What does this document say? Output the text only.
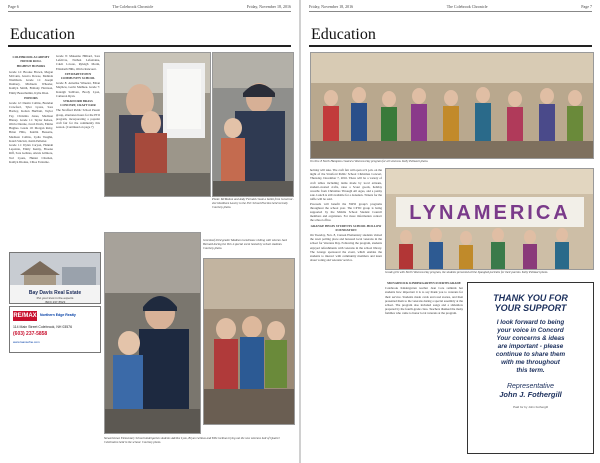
Page 6	The Colebrook Chronicle	Friday, November 18, 2016
Education
COLEBROOK ACADEMY HONOR ROLL
HIGHEST HONORS
Grade 12: Brooke Brown, Megan McCann, Jessica Dowse, Melinda Washburn. Grade 11: Joseph Dunbery, Michaela Wheeler, Kaitlyn Smith, Brittany Harrison, Emily Beauchemin, Kylie Dion.
HONORS
Grade 12: Dustin Collins, Brendan Crawford, Tyler Lyons, Sara Hartley, Kolton Hurlbutt, Taylor Fay, Christina Jones, Madison Blaney. Grade 11: Taylor Kelsea, Olivia Dionne, Jacob Davis, Emma Hughes. Grade 10: Morgan Roby, Brian Hilts, Kaitlin Bessette, Madison Collins, Lydia Vaughn, Kaleb Sinclair, Justin Pelletier.
Grade 11: Dylan Caryon, Hannah Lapointe, Emily Kenny, Brooke Riff, Sara Gelinas, Alexis Gilmore, Tori Lyons, Hunter Chretien, Kaitlyn Dionne, Chloe Fontaine.
Grade 8: Makenna Hilliard, Sara Lefebvre, Nathan Lafontaine, Caleb Lavoie, Ryleigh Morin, Elizabeth Hills, Olivia Rancourt.
STEWARTSTOWN COMMUNITY SCHOOL
Grade 8: Annalise Wheeler, Ethan Mayhew, Gavin Mathieu. Grade 7: Kaleigh Sullivan, Brody Lyon, Cameron Ryan.
STRAFFORD BRASS CONCERT, CRAFT FAIR
The Strafford Public School Parent group, alternates hours for the PTO program, incorporating a popular craft fair for the community this season. (Continued on page 7)
Photo: McMahon and Andy Fernald create a ballot from Governor-elect Kathleen Lawtry to the SSC School Election held recently. Courtesy photo.
Bay Davis Real Estate
Put your trust in the experts
(603) 237-5523
RE/MAX Northern Edge Realty
114 Main Street Colebrook, NH 03576
(603) 237-5858
www.loansofne.com
Greenleaf third grader Madison Gendreaux visiting with veteran Jack Bernard during the Vets 4 special event hosted by school students. Courtesy photo.
Stewartstown Elementary School kindergarten students Adeline Lyon, Bryan Gelinas and Ellie Gelinas trying out the new veterans hall of Quarter Celebration held in the school. Courtesy photo.
Friday, November 18, 2016	The Colebrook Chronicle	Page 7
Education
On Nov. 8 North Hampton created a Veterans Day program for all veterans. Kelly Pelizzari photo.
holiday will take. The craft fair will open at 9 p.m. on the night of the Stratford Public School Christmas Concert, Thursday, December 7, 2016. There will be a variety of craft tables including items made by local artisans, student-created crafts, raise a Scout goods, holiday wreaths from Christmas Through All Ages, and a penny sale. Lunch is still available for a donation. Tickets for the raffle will be sold.
Proceeds will benefit the SSPO group's programs throughout the school year. The CPTO group is being supported by the Middle School Student Council members and organizers. For more information contact the school office.
GRANGE HELPS STUDENTS SCHOOL HOLLOW FOUNDATION
On Tuesday, Nov. 8, Canaan Elementary students visited the town polling place and honored local veterans in the school for Veterans Day. Following the program, students enjoyed refreshments with veterans in the school library. The Grange sponsored the event, which enables the students to interact with community members and learn about voting and veterans' service.
LYNAMERICA
Grade girls with North Veterans Day program, the students presented all the Spangled portraits for their parents. Kelly Pelizzari photo.
MONADNOCK KINDERGARTEN FOURTH-GRADE
Colebrook Kindergarten teacher Jean Cote reminds her students how important it is to say thank you to veterans for their service. Students made cards and read stories, and then presented them to the veterans during a special assembly at the school. The program also included songs and a slideshow prepared by the fourth-grade class. Teachers thanked the many families who came to honor local veterans at the program.
THANK YOU FOR
YOUR SUPPORT
I look forward to being
your voice in Concord
Your concerns & ideas
are important - please
continue to share them
with me throughout
this term.
Representative
John J. Fothergill
Paid for by John Fothergill
